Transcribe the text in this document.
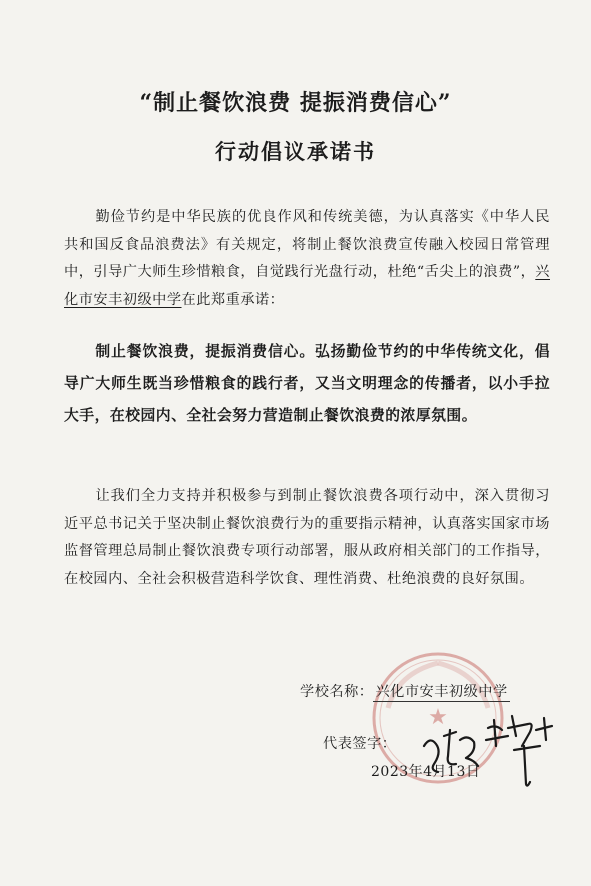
“制止餐饮浪费 提振消费信心”
行动倡议承诺书
勤俭节约是中华民族的优良作风和传统美德，为认真落实《中华人民共和国反食品浪费法》有关规定，将制止餐饮浪费宣传融入校园日常管理中，引导广大师生珍惜粮食，自觉践行光盘行动，杜绝“舌尖上的浪费”，兴化市安丰初级中学在此郑重承诺：
制止餐饮浪费，提振消费信心。弘扬勤俭节约的中华传统文化，倡导广大师生既当珍惜粮食的践行者，又当文明理念的传播者，以小手拉大手，在校园内、全社会努力营造制止餐饮浪费的浓厚氛围。
让我们全力支持并积极参与到制止餐饮浪费各项行动中，深入贯彻习近平总书记关于坚决制止餐饮浪费行为的重要指示精神，认真落实国家市场监督管理总局制止餐饮浪费专项行动部署，服从政府相关部门的工作指导，在校园内、全社会积极营造科学饮食、理性消费、杜绝浪费的良好氛围。
★
学校名称： 兴化市安丰初级中学
代表签字：
2023年4月13日
